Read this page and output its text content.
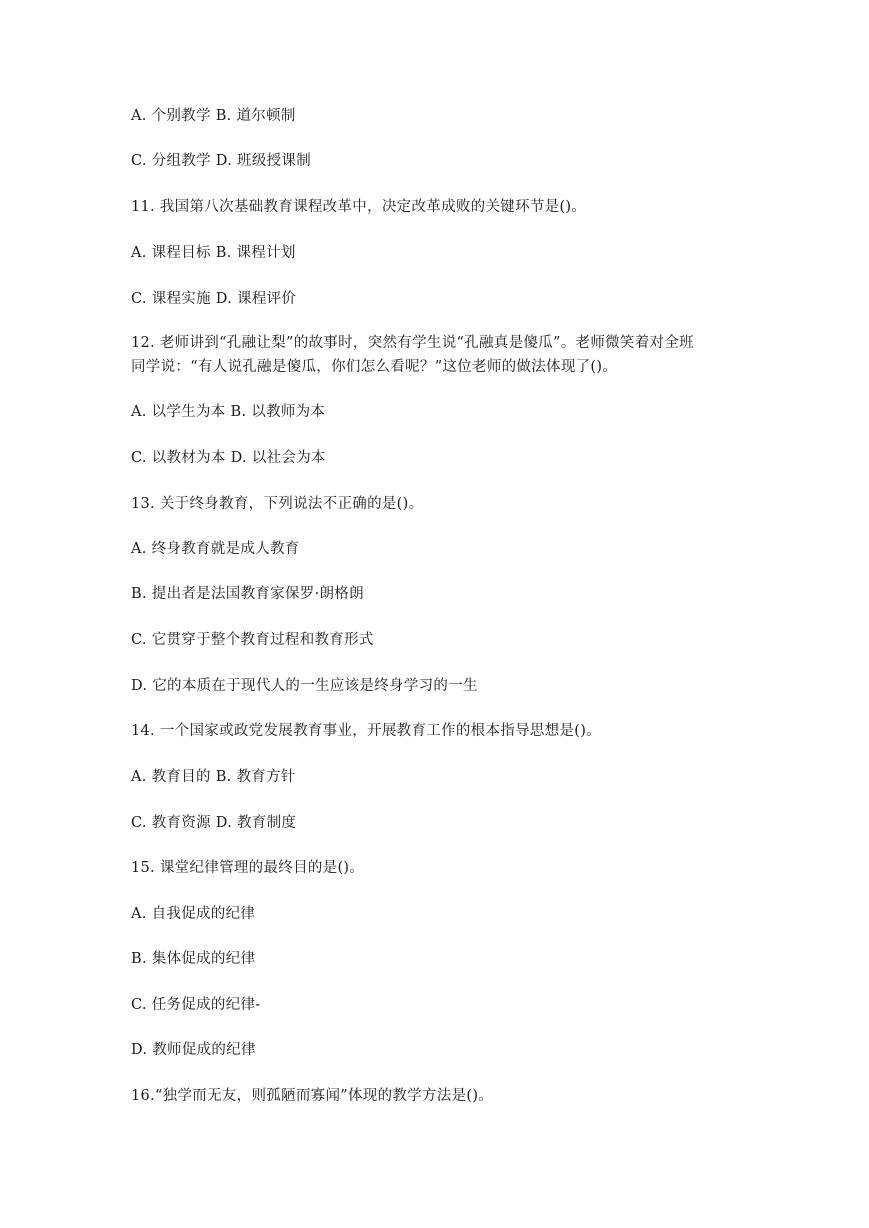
A. 个别教学 B. 道尔顿制
C. 分组教学 D. 班级授课制
11. 我国第八次基础教育课程改革中，决定改革成败的关键环节是()。
A. 课程目标 B. 课程计划
C. 课程实施 D. 课程评价
12. 老师讲到“孔融让梨”的故事时，突然有学生说“孔融真是傻瓜”。老师微笑着对全班
同学说：“有人说孔融是傻瓜，你们怎么看呢？”这位老师的做法体现了()。
A. 以学生为本 B. 以教师为本
C. 以教材为本 D. 以社会为本
13. 关于终身教育，下列说法不正确的是()。
A. 终身教育就是成人教育
B. 提出者是法国教育家保罗·朗格朗
C. 它贯穿于整个教育过程和教育形式
D. 它的本质在于现代人的一生应该是终身学习的一生
14. 一个国家或政党发展教育事业，开展教育工作的根本指导思想是()。
A. 教育目的 B. 教育方针
C. 教育资源 D. 教育制度
15. 课堂纪律管理的最终目的是()。
A. 自我促成的纪律
B. 集体促成的纪律
C. 任务促成的纪律-
D. 教师促成的纪律
16.“独学而无友，则孤陋而寡闻”体现的教学方法是()。
